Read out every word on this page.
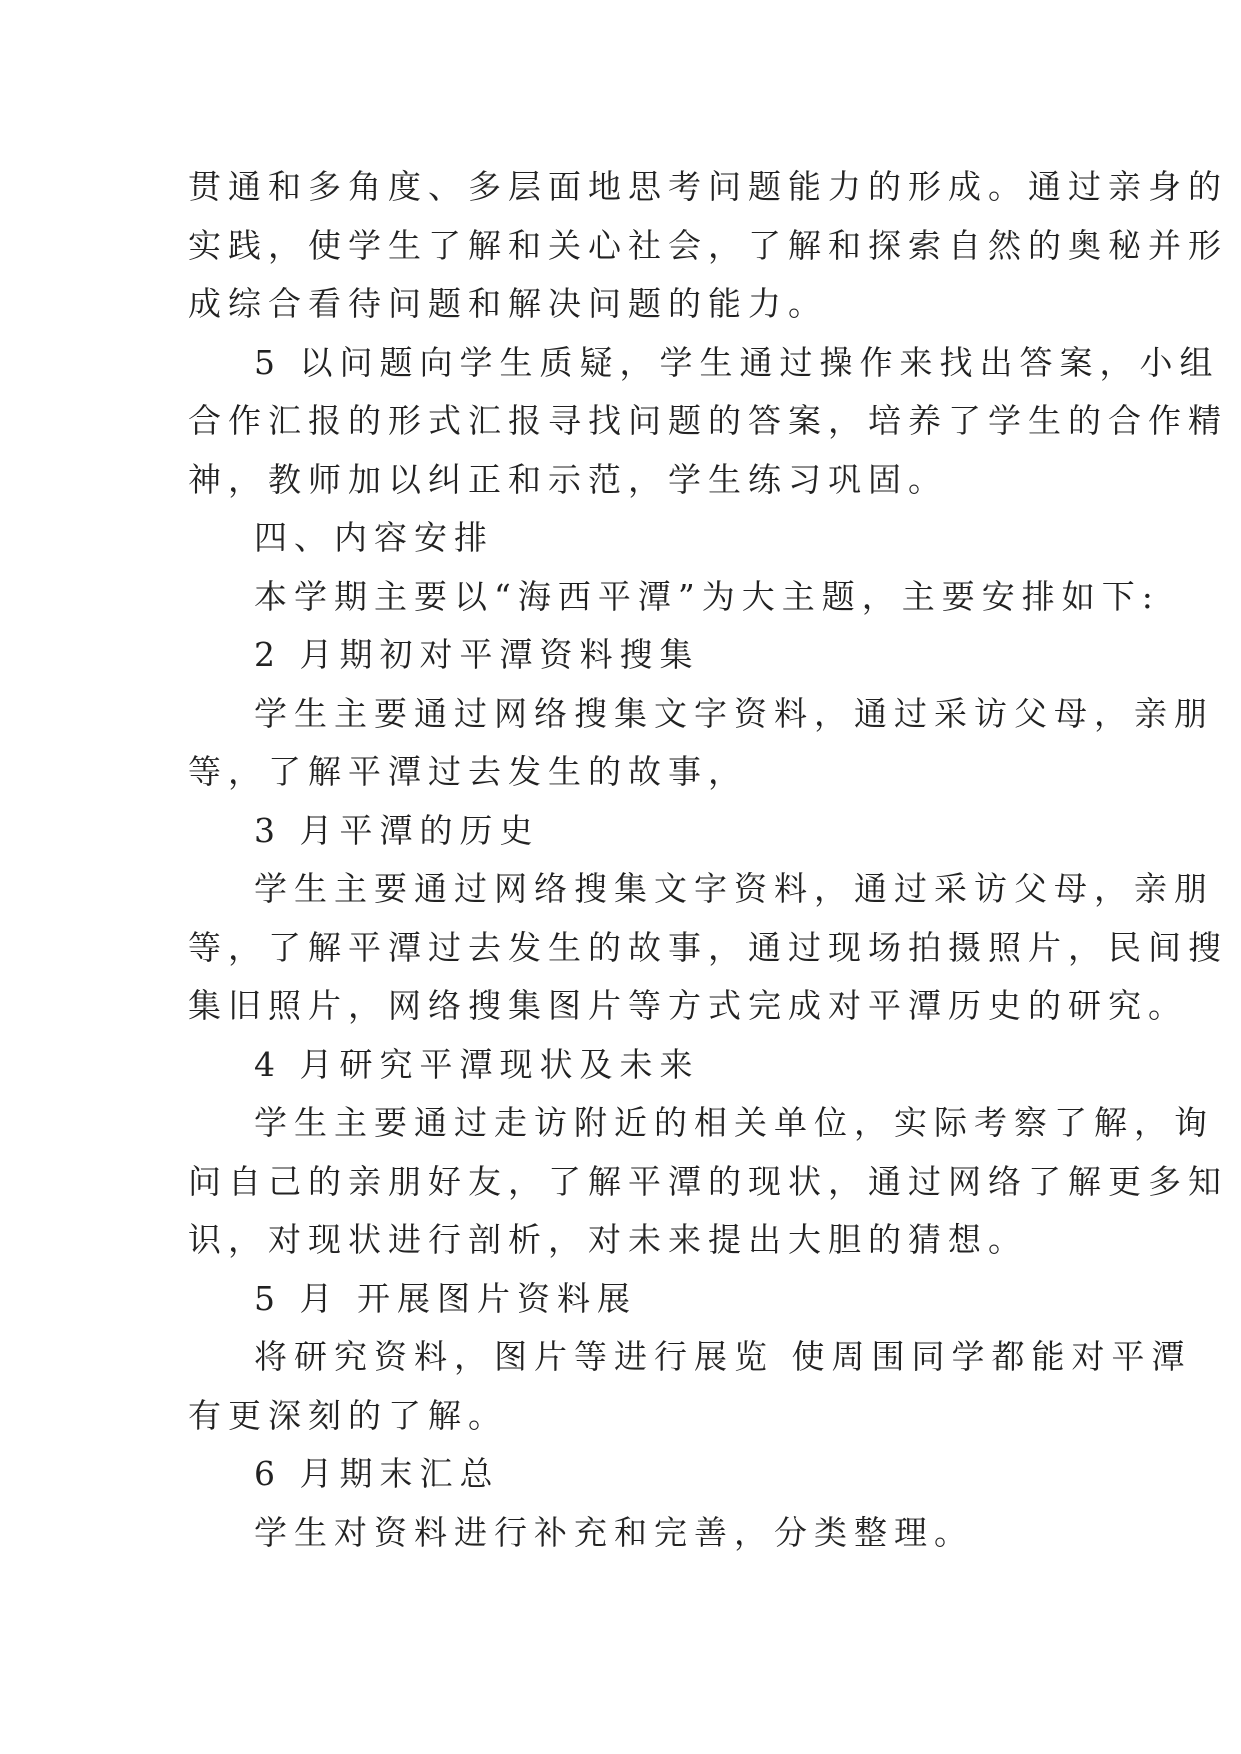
贯通和多角度、多层面地思考问题能力的形成。通过亲身的
实践，使学生了解和关心社会，了解和探索自然的奥秘并形
成综合看待问题和解决问题的能力。
5 以问题向学生质疑，学生通过操作来找出答案，小组
合作汇报的形式汇报寻找问题的答案，培养了学生的合作精
神，教师加以纠正和示范，学生练习巩固。
四、内容安排
本学期主要以“海西平潭”为大主题，主要安排如下:
2 月期初对平潭资料搜集
学生主要通过网络搜集文字资料，通过采访父母，亲朋
等，了解平潭过去发生的故事，
3 月平潭的历史
学生主要通过网络搜集文字资料，通过采访父母，亲朋
等，了解平潭过去发生的故事，通过现场拍摄照片，民间搜
集旧照片，网络搜集图片等方式完成对平潭历史的研究。
4 月研究平潭现状及未来
学生主要通过走访附近的相关单位，实际考察了解，询
问自己的亲朋好友，了解平潭的现状，通过网络了解更多知
识，对现状进行剖析，对未来提出大胆的猜想。
5 月 开展图片资料展
将研究资料，图片等进行展览 使周围同学都能对平潭
有更深刻的了解。
6 月期末汇总
学生对资料进行补充和完善，分类整理。
